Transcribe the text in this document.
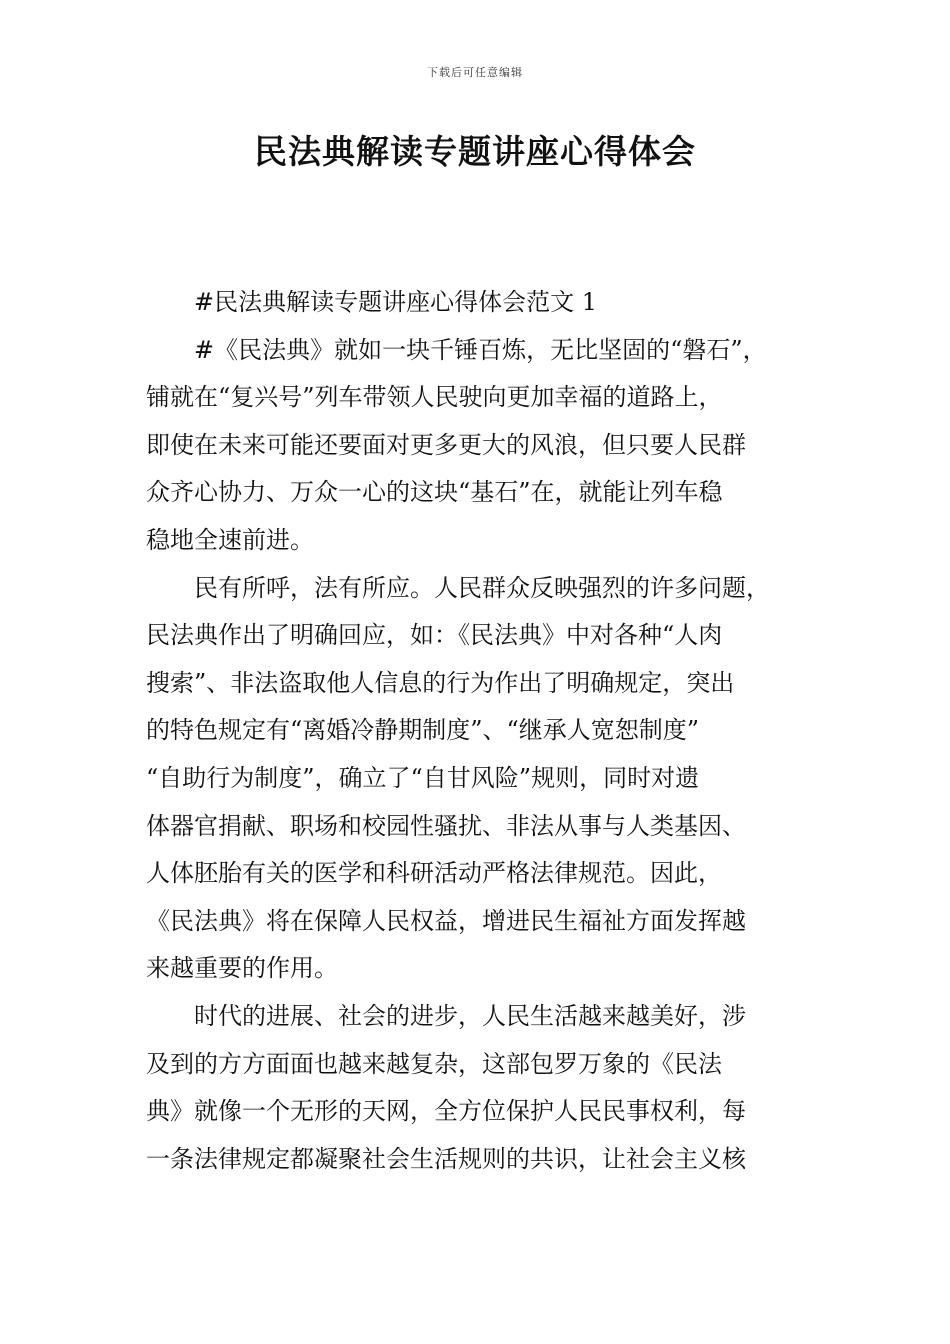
下载后可任意编辑
民法典解读专题讲座心得体会

#民法典解读专题讲座心得体会范文 1

#《民法典》就如一块千锤百炼，无比坚固的“磐石”，
铺就在“复兴号”列车带领人民驶向更加幸福的道路上，
即使在未来可能还要面对更多更大的风浪，但只要人民群
众齐心协力、万众一心的这块“基石”在，就能让列车稳
稳地全速前进。

民有所呼，法有所应。人民群众反映强烈的许多问题，
民法典作出了明确回应，如：《民法典》中对各种“人肉
搜索”、非法盗取他人信息的行为作出了明确规定，突出
的特色规定有“离婚冷静期制度”、“继承人宽恕制度”
“自助行为制度”，确立了“自甘风险”规则，同时对遗
体器官捐献、职场和校园性骚扰、非法从事与人类基因、
人体胚胎有关的医学和科研活动严格法律规范。因此，
《民法典》将在保障人民权益，增进民生福祉方面发挥越
来越重要的作用。

时代的进展、社会的进步，人民生活越来越美好，涉
及到的方方面面也越来越复杂，这部包罗万象的《民法
典》就像一个无形的天网，全方位保护人民民事权利，每
一条法律规定都凝聚社会生活规则的共识，让社会主义核
